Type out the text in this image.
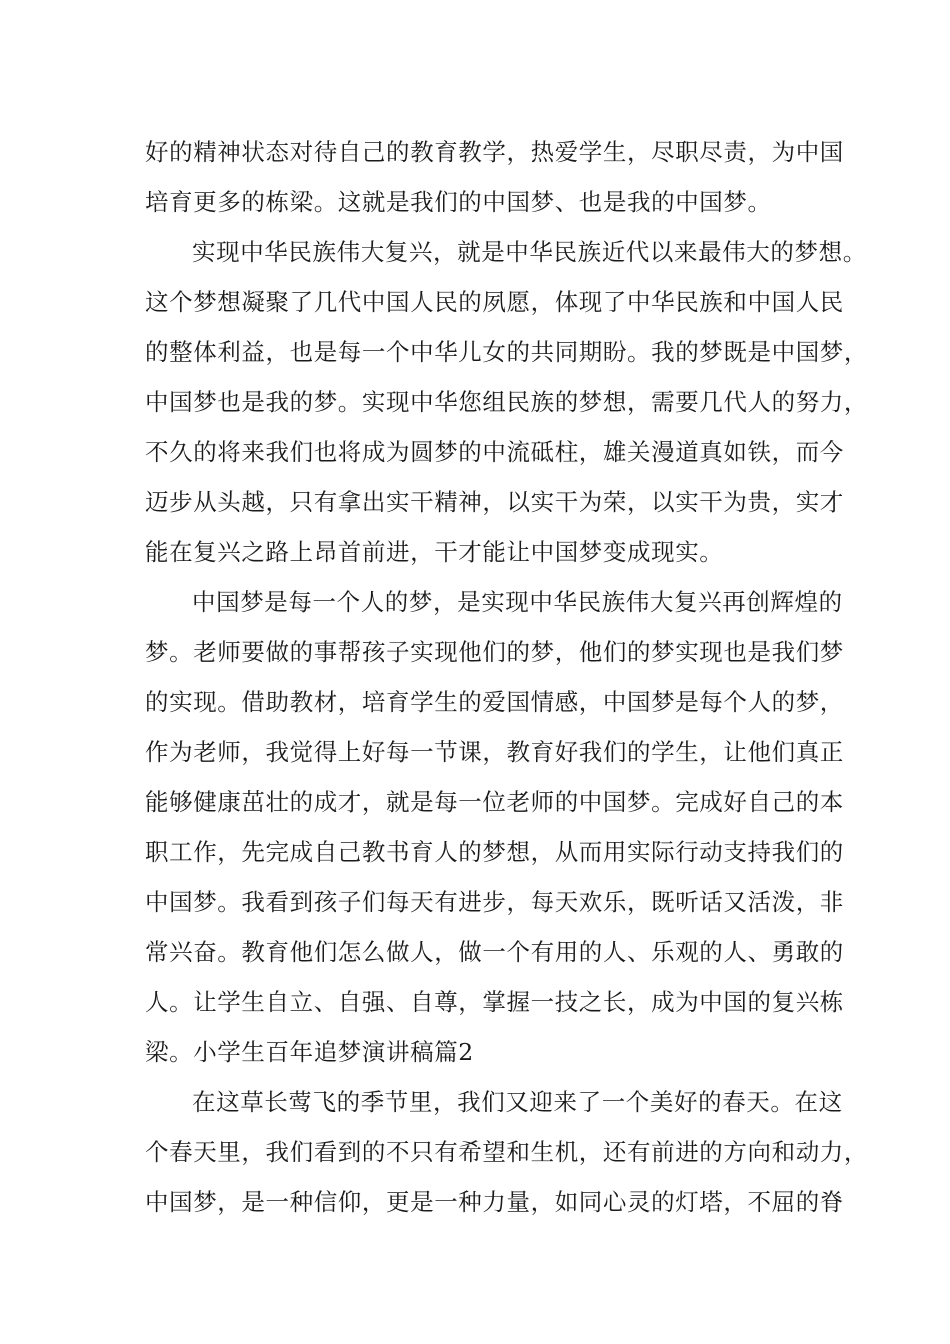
好的精神状态对待自己的教育教学，热爱学生，尽职尽责，为中国
培育更多的栋梁。这就是我们的中国梦、也是我的中国梦。
实现中华民族伟大复兴，就是中华民族近代以来最伟大的梦想。
这个梦想凝聚了几代中国人民的夙愿，体现了中华民族和中国人民
的整体利益，也是每一个中华儿女的共同期盼。我的梦既是中国梦，
中国梦也是我的梦。实现中华您组民族的梦想，需要几代人的努力，
不久的将来我们也将成为圆梦的中流砥柱，雄关漫道真如铁，而今
迈步从头越，只有拿出实干精神，以实干为荣，以实干为贵，实才
能在复兴之路上昂首前进，干才能让中国梦变成现实。
中国梦是每一个人的梦，是实现中华民族伟大复兴再创辉煌的
梦。老师要做的事帮孩子实现他们的梦，他们的梦实现也是我们梦
的实现。借助教材，培育学生的爱国情感，中国梦是每个人的梦，
作为老师，我觉得上好每一节课，教育好我们的学生，让他们真正
能够健康茁壮的成才，就是每一位老师的中国梦。完成好自己的本
职工作，先完成自己教书育人的梦想，从而用实际行动支持我们的
中国梦。我看到孩子们每天有进步，每天欢乐，既听话又活泼，非
常兴奋。教育他们怎么做人，做一个有用的人、乐观的人、勇敢的
人。让学生自立、自强、自尊，掌握一技之长，成为中国的复兴栋
梁。小学生百年追梦演讲稿篇2
在这草长莺飞的季节里，我们又迎来了一个美好的春天。在这
个春天里，我们看到的不只有希望和生机，还有前进的方向和动力，
中国梦，是一种信仰，更是一种力量，如同心灵的灯塔，不屈的脊
